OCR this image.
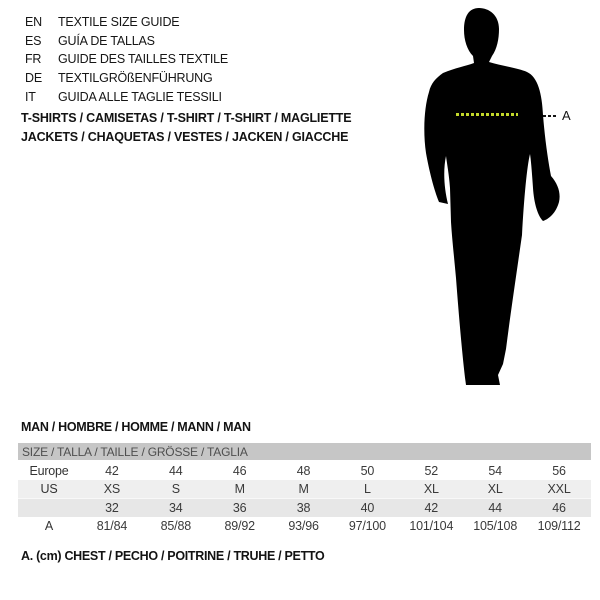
EN TEXTILE SIZE GUIDE
ES GUÍA DE TALLAS
FR GUIDE DES TAILLES TEXTILE
DE TEXTILGRÖßENFÜHRUNG
IT GUIDA ALLE TAGLIE TESSILI
T-SHIRTS / CAMISETAS / T-SHIRT / T-SHIRT / MAGLIETTE
JACKETS / CHAQUETAS / VESTES / JACKEN / GIACCHE
A
MAN / HOMBRE / HOMME / MANN / MAN
SIZE / TALLA / TAILLE / GRÖSSE / TAGLIA								
Europe	42	44	46	48	50	52	54	56
US	XS	S	M	M	L	XL	XL	XXL
	32	34	36	38	40	42	44	46
A	81/84	85/88	89/92	93/96	97/100	101/104	105/108	109/112
A. (cm) CHEST / PECHO / POITRINE / TRUHE / PETTO
